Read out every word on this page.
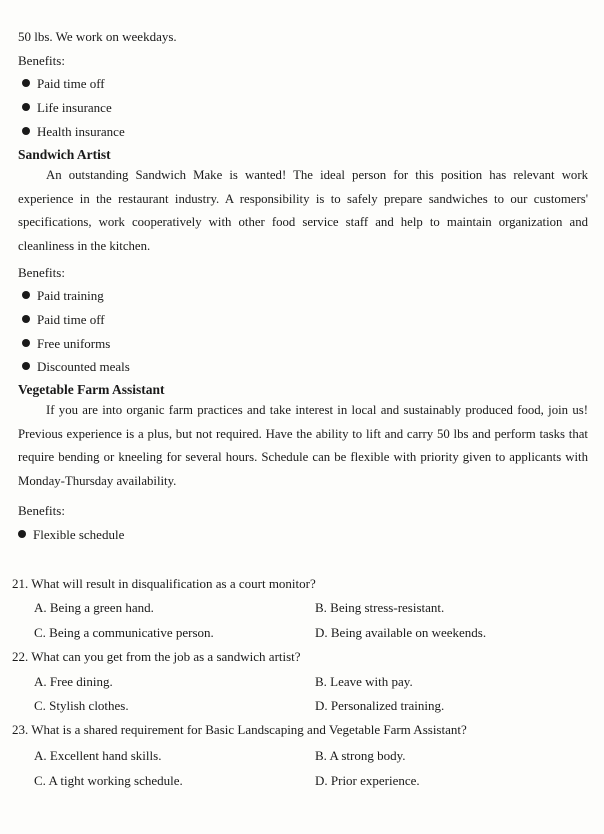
50 lbs. We work on weekdays.
Benefits:
Paid time off
Life insurance
Health insurance
Sandwich Artist

An outstanding Sandwich Make is wanted! The ideal person for this position has relevant work experience in the restaurant industry. A responsibility is to safely prepare sandwiches to our customers' specifications, work cooperatively with other food service staff and help to maintain organization and cleanliness in the kitchen.

Benefits:
Paid training
Paid time off
Free uniforms
Discounted meals
Vegetable Farm Assistant

If you are into organic farm practices and take interest in local and sustainably produced food, join us! Previous experience is a plus, but not required. Have the ability to lift and carry 50 lbs and perform tasks that require bending or kneeling for several hours. Schedule can be flexible with priority given to applicants with Monday-Thursday availability.

Benefits:
Flexible schedule
21. What will result in disqualification as a court monitor?
A. Being a green hand.	B. Being stress-resistant.
C. Being a communicative person.	D. Being available on weekends.
22. What can you get from the job as a sandwich artist?
A. Free dining.	B. Leave with pay.
C. Stylish clothes.	D. Personalized training.
23. What is a shared requirement for Basic Landscaping and Vegetable Farm Assistant?
A. Excellent hand skills.	B. A strong body.
C. A tight working schedule.	D. Prior experience.
